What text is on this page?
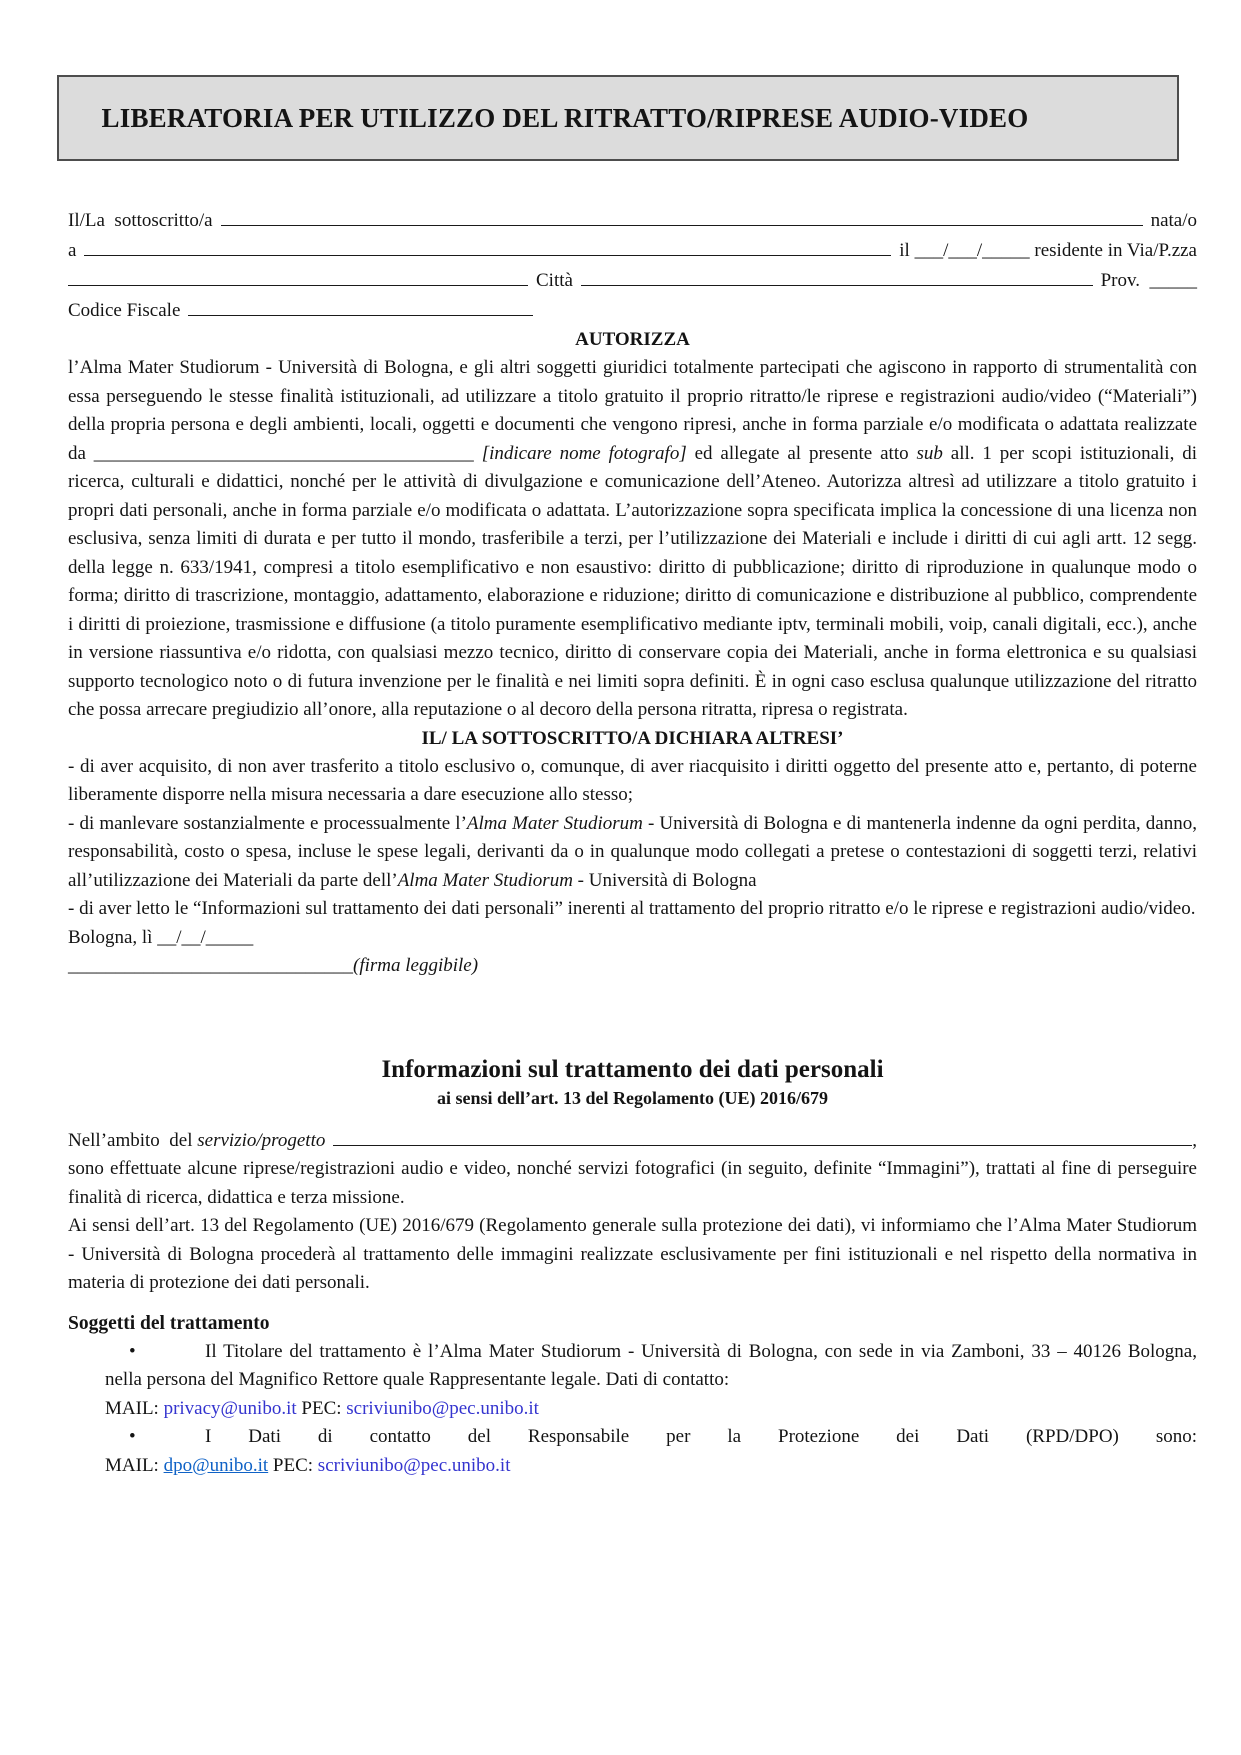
LIBERATORIA PER UTILIZZO DEL RITRATTO/RIPRESE AUDIO-VIDEO
Il/La  sottoscritto/a	nata/o
a	il ___/___/_____ residente in Via/P.zza
Città	Prov.  _____
Codice Fiscale
AUTORIZZA

l’Alma Mater Studiorum - Università di Bologna, e gli altri soggetti giuridici totalmente partecipati che agiscono in rapporto di strumentalità con essa perseguendo le stesse finalità istituzionali, ad utilizzare a titolo gratuito il proprio ritratto/le riprese e registrazioni audio/video (“Materiali”) della propria persona e degli ambienti, locali, oggetti e documenti che vengono ripresi, anche in forma parziale e/o modificata o adattata realizzate da ________________________________________ [indicare nome fotografo] ed allegate al presente atto sub all. 1 per scopi istituzionali, di ricerca, culturali e didattici, nonché per le attività di divulgazione e comunicazione dell’Ateneo. Autorizza altresì ad utilizzare a titolo gratuito i propri dati personali, anche in forma parziale e/o modificata o adattata. L’autorizzazione sopra specificata implica la concessione di una licenza non esclusiva, senza limiti di durata e per tutto il mondo, trasferibile a terzi, per l’utilizzazione dei Materiali e include i diritti di cui agli artt. 12 segg. della legge n. 633/1941, compresi a titolo esemplificativo e non esaustivo: diritto di pubblicazione; diritto di riproduzione in qualunque modo o forma; diritto di trascrizione, montaggio, adattamento, elaborazione e riduzione; diritto di comunicazione e distribuzione al pubblico, comprendente i diritti di proiezione, trasmissione e diffusione (a titolo puramente esemplificativo mediante iptv, terminali mobili, voip, canali digitali, ecc.), anche in versione riassuntiva e/o ridotta, con qualsiasi mezzo tecnico, diritto di conservare copia dei Materiali, anche in forma elettronica e su qualsiasi supporto tecnologico noto o di futura invenzione per le finalità e nei limiti sopra definiti. È in ogni caso esclusa qualunque utilizzazione del ritratto che possa arrecare pregiudizio all’onore, alla reputazione o al decoro della persona ritratta, ripresa o registrata.

IL/ LA SOTTOSCRITTO/A DICHIARA ALTRESI’

- di aver acquisito, di non aver trasferito a titolo esclusivo o, comunque, di aver riacquisito i diritti oggetto del presente atto e, pertanto, di poterne liberamente disporre nella misura necessaria a dare esecuzione allo stesso;

- di manlevare sostanzialmente e processualmente l’Alma Mater Studiorum - Università di Bologna e di mantenerla indenne da ogni perdita, danno, responsabilità, costo o spesa, incluse le spese legali, derivanti da o in qualunque modo collegati a pretese o contestazioni di soggetti terzi, relativi all’utilizzazione dei Materiali da parte dell’Alma Mater Studiorum - Università di Bologna

- di aver letto le “Informazioni sul trattamento dei dati personali” inerenti al trattamento del proprio ritratto e/o le riprese e registrazioni audio/video.

Bologna, lì __/__/_____

______________________________(firma leggibile)

Informazioni sul trattamento dei dati personali
ai sensi dell’art. 13 del Regolamento (UE) 2016/679
Nell’ambito  del servizio/progetto	,

sono effettuate alcune riprese/registrazioni audio e video, nonché servizi fotografici (in seguito, definite “Immagini”), trattati al fine di perseguire finalità di ricerca, didattica e terza missione.

Ai sensi dell’art. 13 del Regolamento (UE) 2016/679 (Regolamento generale sulla protezione dei dati), vi informiamo che l’Alma Mater Studiorum - Università di Bologna procederà al trattamento delle immagini realizzate esclusivamente per fini istituzionali e nel rispetto della normativa in materia di protezione dei dati personali.

Soggetti del trattamento

•	Il Titolare del trattamento è l’Alma Mater Studiorum - Università di Bologna, con sede in via Zamboni, 33 – 40126 Bologna, nella persona del Magnifico Rettore quale Rappresentante legale. Dati di contatto:
MAIL: privacy@unibo.it PEC: scriviunibo@pec.unibo.it

•	I Dati di contatto del Responsabile per la Protezione dei Dati (RPD/DPO) sono:
MAIL: dpo@unibo.it PEC: scriviunibo@pec.unibo.it
